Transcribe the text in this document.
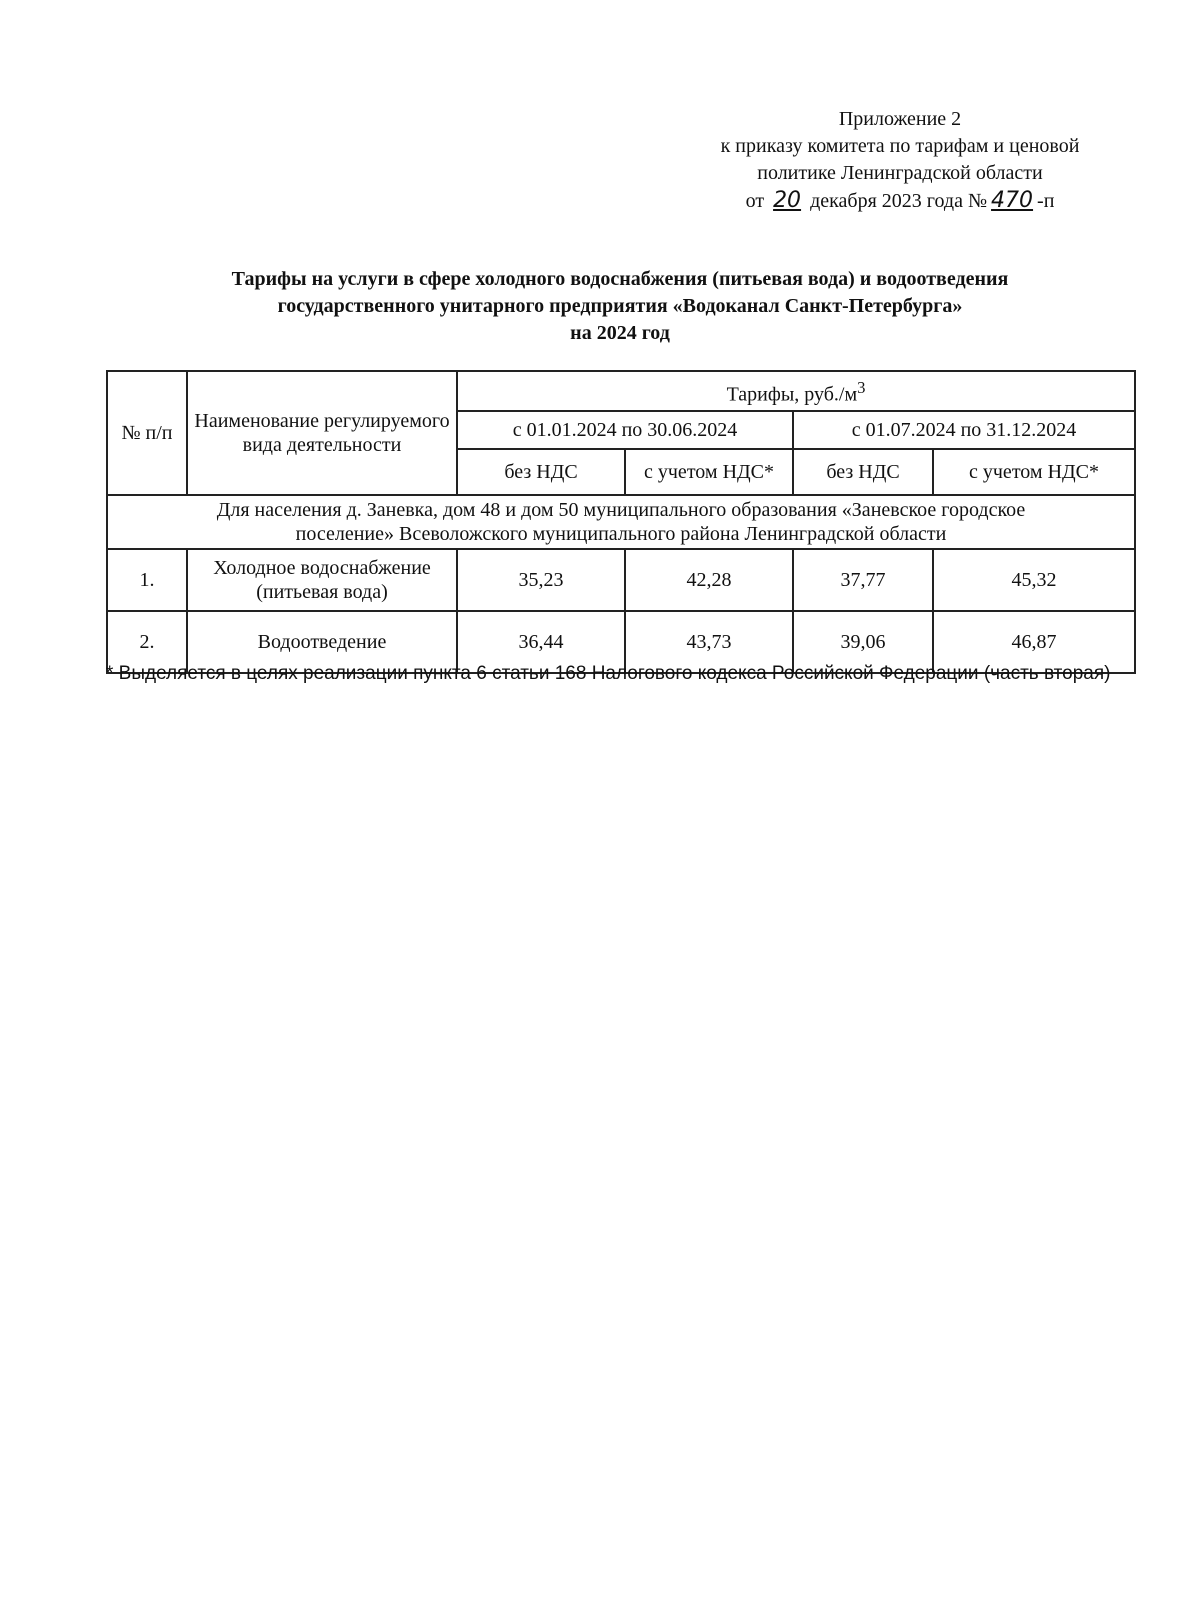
Приложение 2
к приказу комитета по тарифам и ценовой
политике Ленинградской области
от 20 декабря 2023 года № 470 -п
Тарифы на услуги в сфере холодного водоснабжения (питьевая вода) и водоотведения
государственного унитарного предприятия «Водоканал Санкт-Петербурга»
на 2024 год
№ п/п	Наименование регулируемого вида деятельности	Тарифы, $руб./м^3$
		с 01.01.2024 по 30.06.2024		с 01.07.2024 по 31.12.2024	
		без НДС	с учетом НДС*	без НДС	с учетом НДС*

Для населения д. Заневка, дом 48 и дом 50 муниципального образования «Заневское городское
поселение» Всеволожского муниципального района Ленинградской области					

1.	Холодное водоснабжение (питьевая вода)	35,23	42,28	37,77	45,32
2.	Водоотведение	36,44	43,73	39,06	46,87
* Выделяется в целях реализации пункта 6 статьи 168 Налогового кодекса Российской Федерации (часть вторая)
